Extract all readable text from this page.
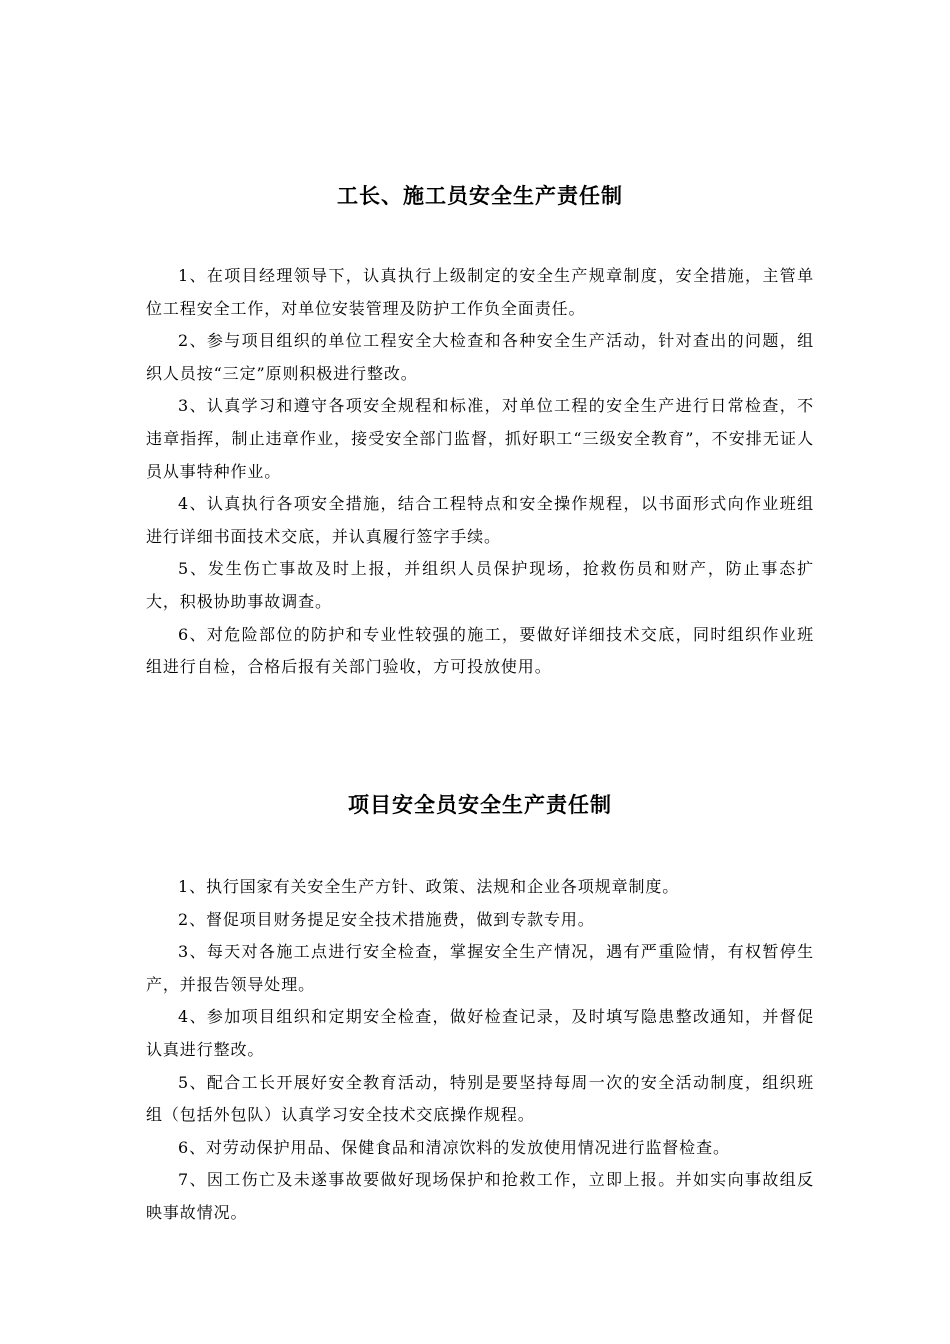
工长、施工员安全生产责任制

1、在项目经理领导下，认真执行上级制定的安全生产规章制度，安全措施，主管单位工程安全工作，对单位安装管理及防护工作负全面责任。

2、参与项目组织的单位工程安全大检查和各种安全生产活动，针对查出的问题，组织人员按“三定”原则积极进行整改。

3、认真学习和遵守各项安全规程和标准，对单位工程的安全生产进行日常检查，不违章指挥，制止违章作业，接受安全部门监督，抓好职工“三级安全教育”，不安排无证人员从事特种作业。

4、认真执行各项安全措施，结合工程特点和安全操作规程，以书面形式向作业班组进行详细书面技术交底，并认真履行签字手续。

5、发生伤亡事故及时上报，并组织人员保护现场，抢救伤员和财产，防止事态扩大，积极协助事故调查。

6、对危险部位的防护和专业性较强的施工，要做好详细技术交底，同时组织作业班组进行自检，合格后报有关部门验收，方可投放使用。

项目安全员安全生产责任制

1、执行国家有关安全生产方针、政策、法规和企业各项规章制度。

2、督促项目财务提足安全技术措施费，做到专款专用。

3、每天对各施工点进行安全检查，掌握安全生产情况，遇有严重险情，有权暂停生产，并报告领导处理。

4、参加项目组织和定期安全检查，做好检查记录，及时填写隐患整改通知，并督促认真进行整改。

5、配合工长开展好安全教育活动，特别是要坚持每周一次的安全活动制度，组织班组（包括外包队）认真学习安全技术交底操作规程。

6、对劳动保护用品、保健食品和清凉饮料的发放使用情况进行监督检查。

7、因工伤亡及未遂事故要做好现场保护和抢救工作，立即上报。并如实向事故组反映事故情况。
